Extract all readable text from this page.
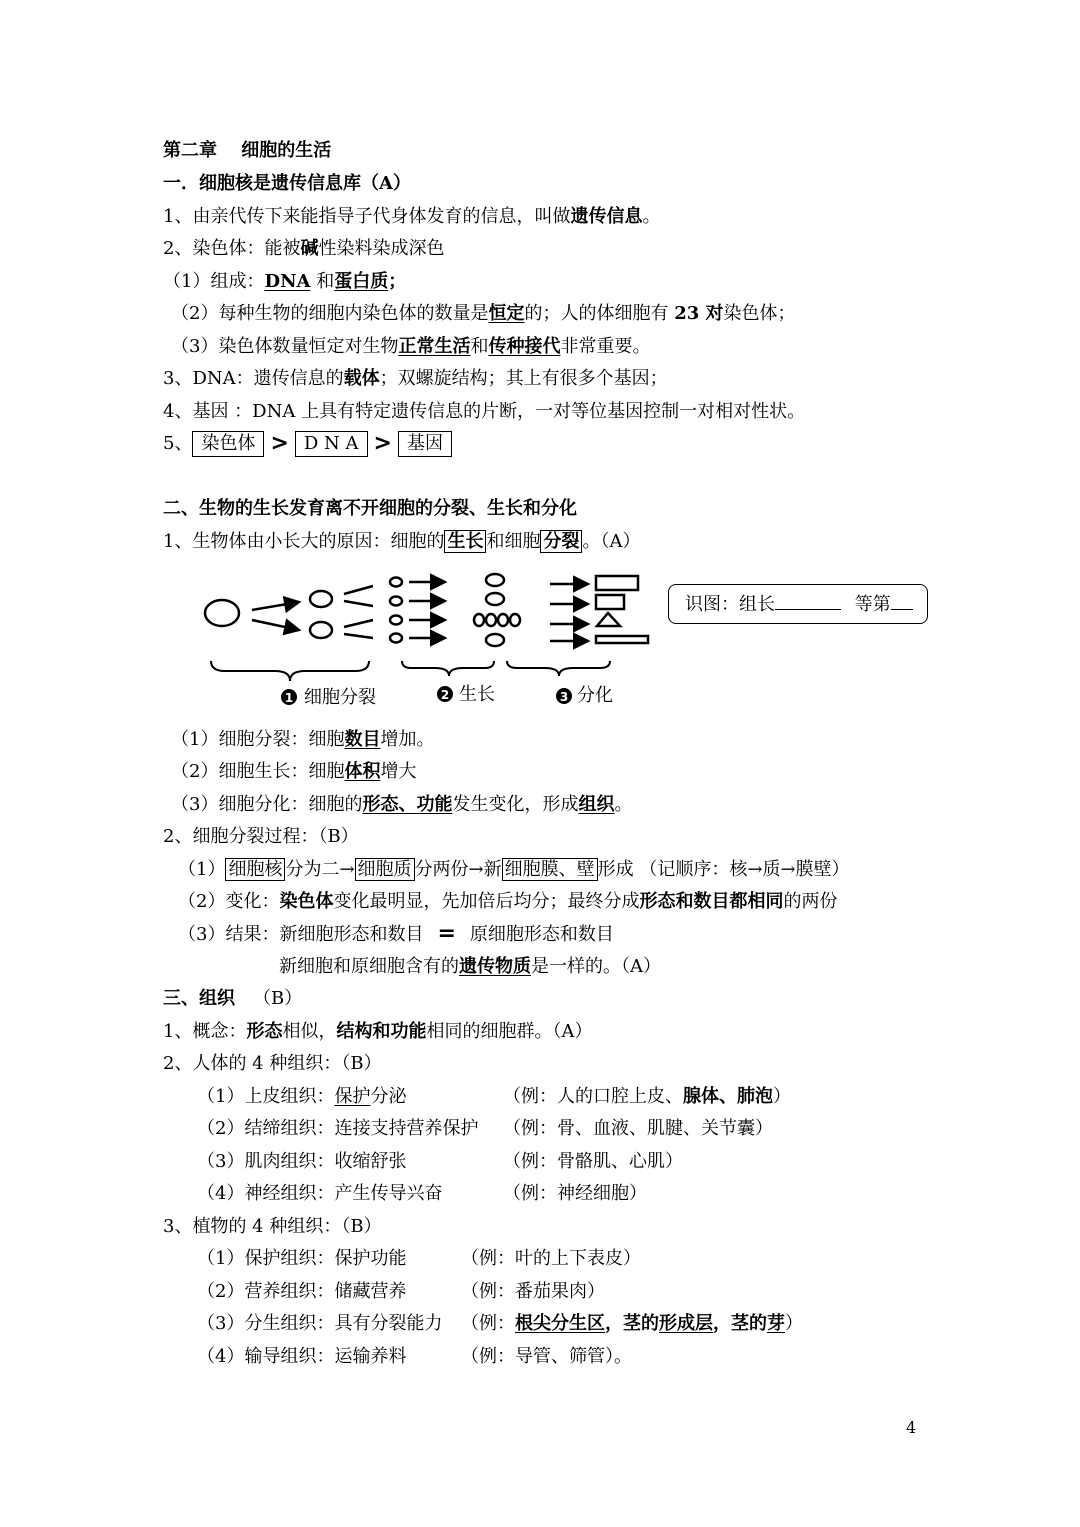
第二章　 细胞的生活
一．细胞核是遗传信息库（A）
1、由亲代传下来能指导子代身体发育的信息，叫做遗传信息。
2、染色体：能被碱性染料染成深色
（1）组成：DNA 和蛋白质；
（2）每种生物的细胞内染色体的数量是恒定的；人的体细胞有 23 对染色体；
（3）染色体数量恒定对生物正常生活和传种接代非常重要。
3、DNA：遗传信息的载体；双螺旋结构；其上有很多个基因；
4、基因 ：DNA 上具有特定遗传信息的片断，一对等位基因控制一对相对性状。
5、 染色体 > D N A > 基因
二、生物的生长发育离不开细胞的分裂、生长和分化
1、生物体由小长大的原因：细胞的 生长 和细胞 分裂 。（A）
1 细胞分裂	2 生长	3 分化
识图：组长	等第
（1）细胞分裂：细胞数目增加。
（2）细胞生长：细胞体积增大
（3）细胞分化：细胞的形态、功能发生变化，形成组织。
2、细胞分裂过程：（B）
（1） 细胞核 分为二→ 细胞质 分两份→新 细胞膜、壁 形成 （记顺序：核→质→膜壁）
（2）变化：染色体变化最明显，先加倍后均分；最终分成形态和数目都相同的两份
（3）结果：新细胞形态和数目 = 原细胞形态和数目
新细胞和原细胞含有的遗传物质是一样的。（A）
三、组织 （B）
1、概念：形态相似，结构和功能相同的细胞群。（A）
2、人体的 4 种组织：（B）
（1）上皮组织：保护分泌	（例：人的口腔上皮、腺体、肺泡）
（2）结缔组织：连接支持营养保护 （例：骨、血液、肌腱、关节囊）
（3）肌肉组织：收缩舒张	（例：骨骼肌、心肌）
（4）神经组织：产生传导兴奋	（例：神经细胞）
3、植物的 4 种组织：（B）
（1）保护组织：保护功能	（例：叶的上下表皮）
（2）营养组织：储藏营养	（例：番茄果肉）
（3）分生组织：具有分裂能力 （例：根尖分生区，茎的形成层，茎的芽）
（4）输导组织：运输养料	（例：导管、筛管）。
4
